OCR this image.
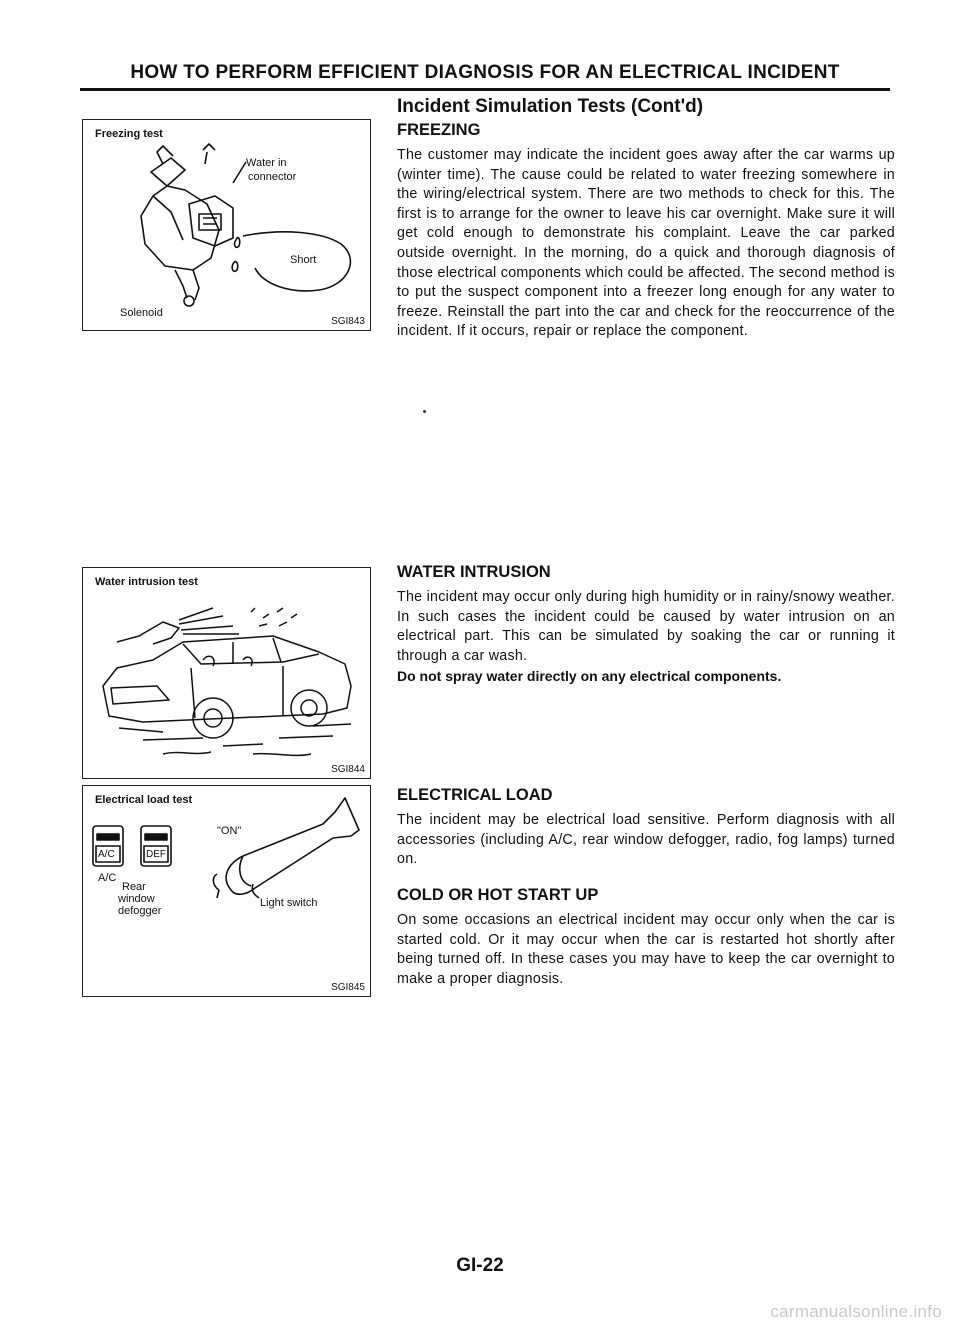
HOW TO PERFORM EFFICIENT DIAGNOSIS FOR AN ELECTRICAL INCIDENT
Incident Simulation Tests (Cont'd)
Freezing test
Water in
connector
Short
Solenoid
SGI843
Water intrusion test
SGI844
Electrical load test
A/C	DEF
A/C
"ON"
Rear
window
defogger
Light switch
SGI845
FREEZING

The customer may indicate the incident goes away after the car warms up (winter time). The cause could be related to water freezing somewhere in the wiring/electrical system. There are two methods to check for this. The first is to arrange for the owner to leave his car overnight. Make sure it will get cold enough to demonstrate his complaint. Leave the car parked outside overnight. In the morning, do a quick and thorough diagnosis of those electrical components which could be affected. The second method is to put the suspect component into a freezer long enough for any water to freeze. Reinstall the part into the car and check for the reoccurrence of the incident. If it occurs, repair or replace the component.

WATER INTRUSION

The incident may occur only during high humidity or in rainy/snowy weather. In such cases the incident could be caused by water intrusion on an electrical part. This can be simulated by soaking the car or running it through a car wash.

Do not spray water directly on any electrical components.
ELECTRICAL LOAD

The incident may be electrical load sensitive. Perform diagnosis with all accessories (including A/C, rear window defogger, radio, fog lamps) turned on.

COLD OR HOT START UP

On some occasions an electrical incident may occur only when the car is started cold. Or it may occur when the car is restarted hot shortly after being turned off. In these cases you may have to keep the car overnight to make a proper diagnosis.

GI-22
carmanualsonline.info
